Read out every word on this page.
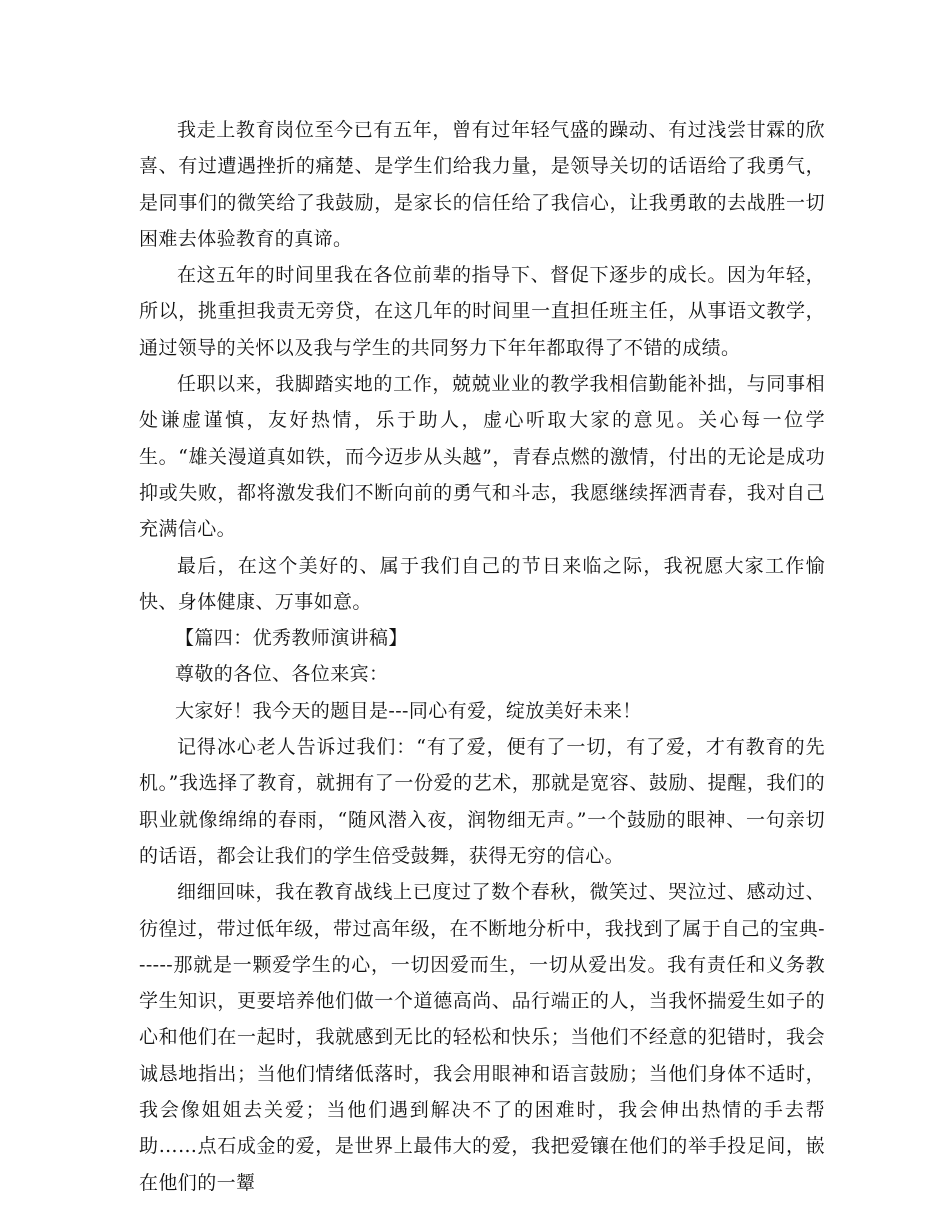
我走上教育岗位至今已有五年，曾有过年轻气盛的躁动、有过浅尝甘霖的欣喜、有过遭遇挫折的痛楚、是学生们给我力量，是领导关切的话语给了我勇气，是同事们的微笑给了我鼓励，是家长的信任给了我信心，让我勇敢的去战胜一切困难去体验教育的真谛。

在这五年的时间里我在各位前辈的指导下、督促下逐步的成长。因为年轻，所以，挑重担我责无旁贷，在这几年的时间里一直担任班主任，从事语文教学，通过领导的关怀以及我与学生的共同努力下年年都取得了不错的成绩。

任职以来，我脚踏实地的工作，兢兢业业的教学我相信勤能补拙，与同事相处谦虚谨慎，友好热情，乐于助人，虚心听取大家的意见。关心每一位学生。“雄关漫道真如铁，而今迈步从头越”，青春点燃的激情，付出的无论是成功抑或失败，都将激发我们不断向前的勇气和斗志，我愿继续挥洒青春，我对自己充满信心。

最后，在这个美好的、属于我们自己的节日来临之际，我祝愿大家工作愉快、身体健康、万事如意。

【篇四：优秀教师演讲稿】

尊敬的各位、各位来宾：

大家好！我今天的题目是---同心有爱，绽放美好未来！

记得冰心老人告诉过我们：“有了爱，便有了一切，有了爱，才有教育的先机。”我选择了教育，就拥有了一份爱的艺术，那就是宽容、鼓励、提醒，我们的职业就像绵绵的春雨，“随风潜入夜，润物细无声。”一个鼓励的眼神、一句亲切的话语，都会让我们的学生倍受鼓舞，获得无穷的信心。

细细回味，我在教育战线上已度过了数个春秋，微笑过、哭泣过、感动过、彷徨过，带过低年级，带过高年级，在不断地分析中，我找到了属于自己的宝典------那就是一颗爱学生的心，一切因爱而生，一切从爱出发。我有责任和义务教学生知识，更要培养他们做一个道德高尚、品行端正的人，当我怀揣爱生如子的心和他们在一起时，我就感到无比的轻松和快乐；当他们不经意的犯错时，我会诚恳地指出；当他们情绪低落时，我会用眼神和语言鼓励；当他们身体不适时，我会像姐姐去关爱；当他们遇到解决不了的困难时，我会伸出热情的手去帮助……点石成金的爱，是世界上最伟大的爱，我把爱镶在他们的举手投足间，嵌在他们的一颦
